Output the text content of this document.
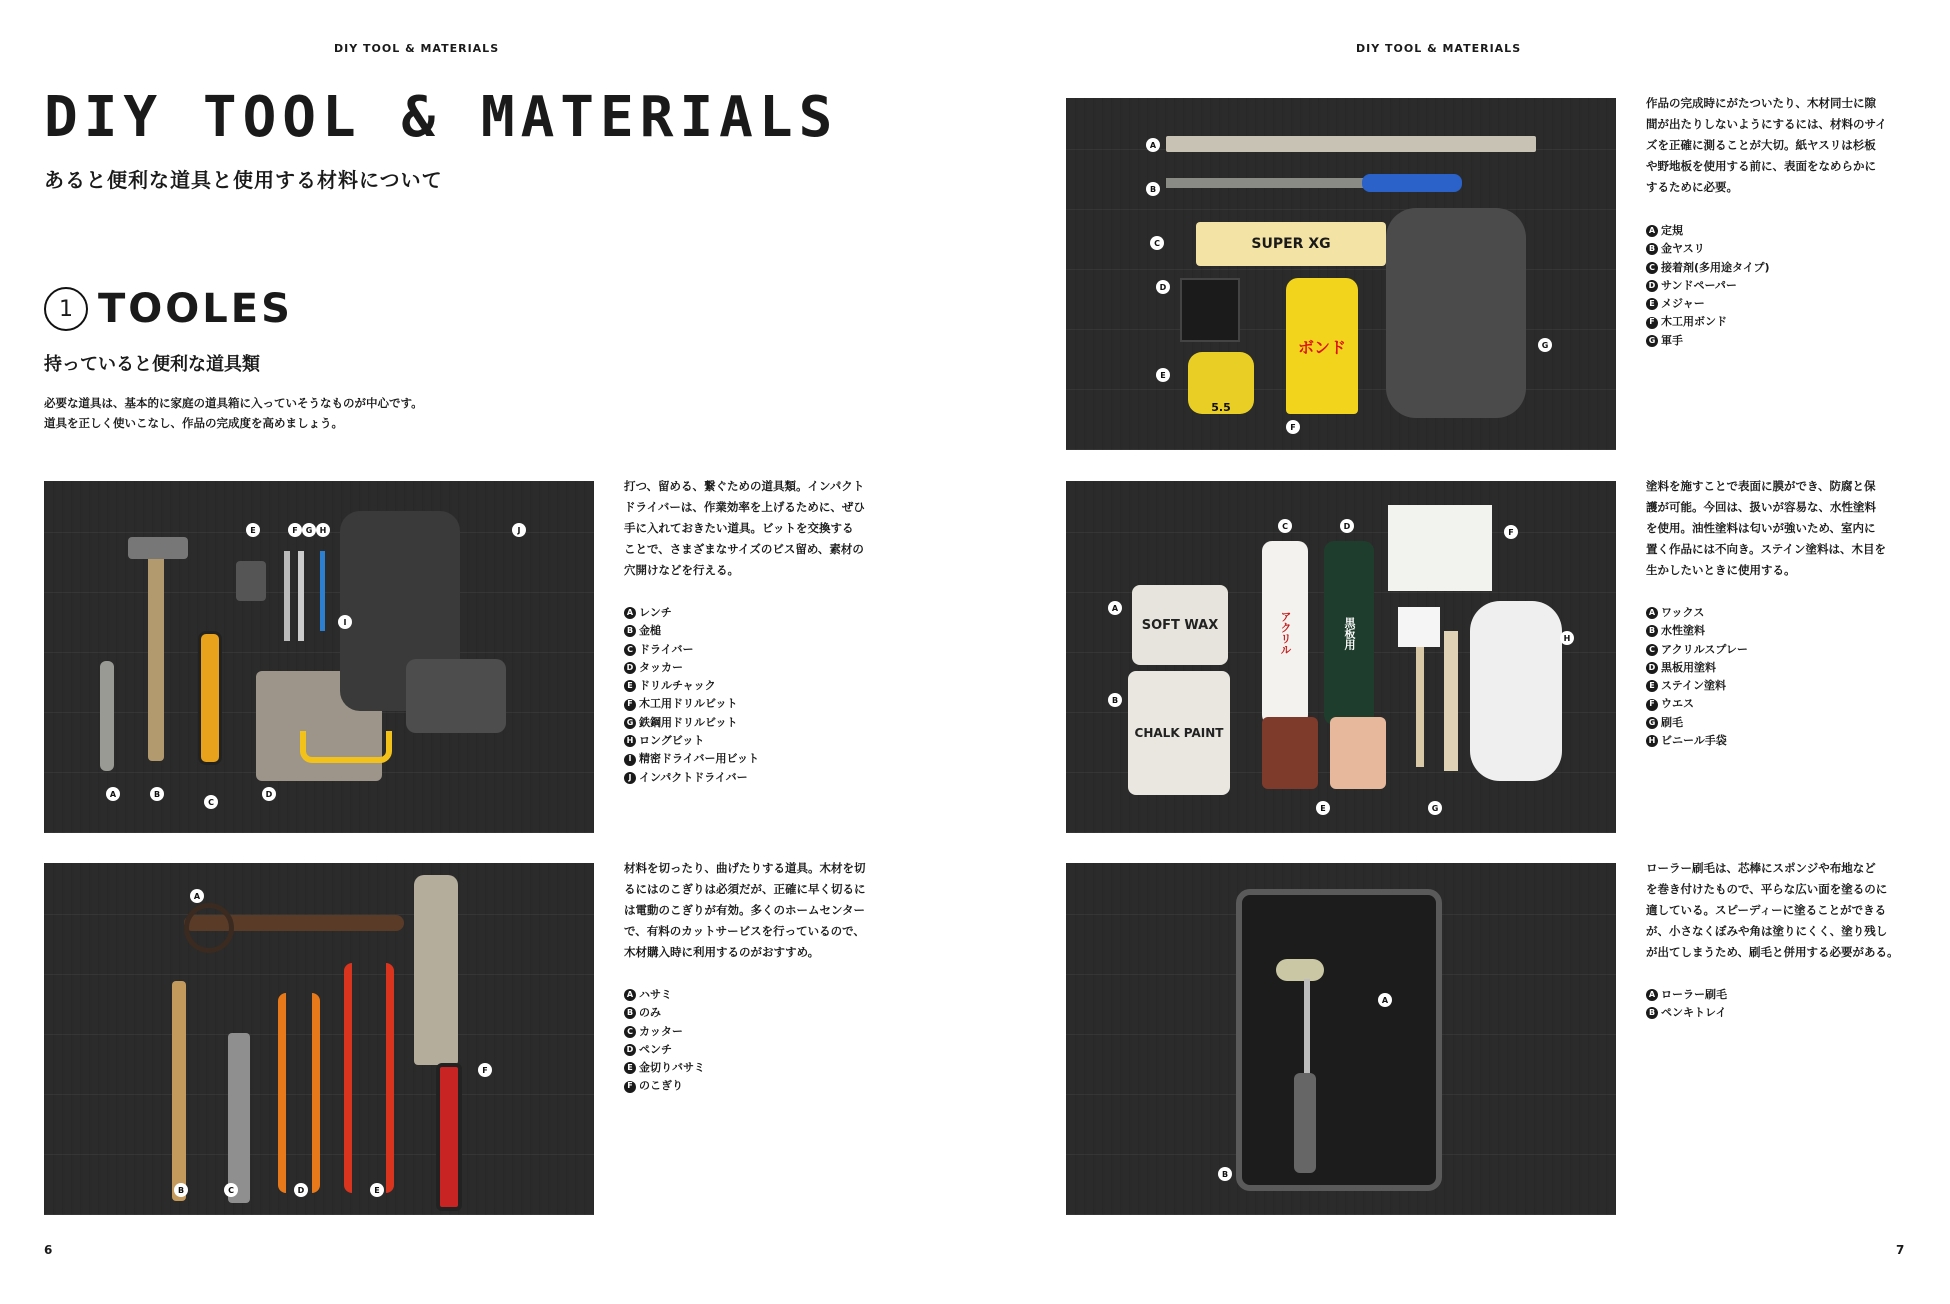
DIY TOOL & MATERIALS
DIY TOOL & MATERIALS
あると便利な道具と使用する材料について
1 TOOLES
持っていると便利な道具類
必要な道具は、基本的に家庭の道具箱に入っていそうなものが中心です。
道具を正しく使いこなし、作品の完成度を高めましょう。
A	B
C
D
E	F G H
I
J
打つ、留める、繋ぐための道具類。インパクト
ドライバーは、作業効率を上げるために、ぜひ
手に入れておきたい道具。ビットを交換する
ことで、さまざまなサイズのビス留め、素材の
穴開けなどを行える。
A レンチ
B 金槌
C ドライバー
D タッカー
E ドリルチャック
F 木工用ドリルビット
G 鉄鋼用ドリルビット
H ロングビット
I 精密ドライバー用ビット
J インパクトドライバー
A
B	C	D	E
F
材料を切ったり、曲げたりする道具。木材を切
るにはのこぎりは必須だが、正確に早く切るに
は電動のこぎりが有効。多くのホームセンター
で、有料のカットサービスを行っているので、
木材購入時に利用するのがおすすめ。
A ハサミ
B のみ
C カッター
D ペンチ
E 金切りバサミ
F のこぎり
6
DIY TOOL & MATERIALS
SUPER XG
5.5
ボンド
A
B
C
D
E
F
G
作品の完成時にがたついたり、木材同士に隙
間が出たりしないようにするには、材料のサイ
ズを正確に測ることが大切。紙ヤスリは杉板
や野地板を使用する前に、表面をなめらかに
するために必要。
A 定規
B 金ヤスリ
C 接着剤(多用途タイプ)
D サンドペーパー
E メジャー
F 木工用ボンド
G 軍手
SOFT WAX
CHALK PAINT
アクリル	黒板用
A
B
C	D
E
F
G
H
塗料を施すことで表面に膜ができ、防腐と保
護が可能。今回は、扱いが容易な、水性塗料
を使用。油性塗料は匂いが強いため、室内に
置く作品には不向き。ステイン塗料は、木目を
生かしたいときに使用する。
A ワックス
B 水性塗料
C アクリルスプレー
D 黒板用塗料
E ステイン塗料
F ウエス
G 刷毛
H ビニール手袋
A
B
ローラー刷毛は、芯棒にスポンジや布地など
を巻き付けたもので、平らな広い面を塗るのに
適している。スピーディーに塗ることができる
が、小さなくぼみや角は塗りにくく、塗り残し
が出てしまうため、刷毛と併用する必要がある。
A ローラー刷毛
B ペンキトレイ
7
